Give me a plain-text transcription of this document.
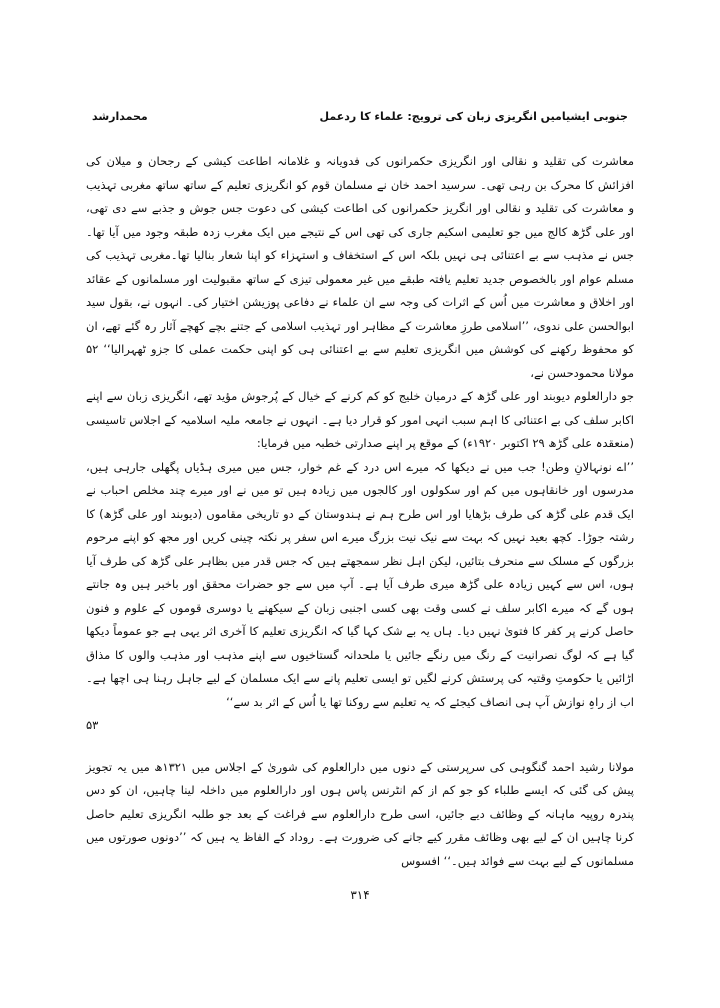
جنوبی ایشیامیں انگریزی زبان کی ترویج: علماء کا ردعمل
محمدارشد

معاشرت کی تقلید و نقالی اور انگریزی حکمرانوں کی فدویانہ و غلامانہ اطاعت کیشی کے رجحان و میلان کی افزائش کا محرک بن رہی تھی۔ سرسید احمد خان نے مسلمان قوم کو انگریزی تعلیم کے ساتھ ساتھ مغربی تہذیب و معاشرت کی تقلید و نقالی اور انگریز حکمرانوں کی اطاعت کیشی کی دعوت جس جوش و جذبے سے دی تھی، اور علی گڑھ کالج میں جو تعلیمی اسکیم جاری کی تھی اس کے نتیجے میں ایک مغرب زدہ طبقہ وجود میں آیا تھا۔ جس نے مذہب سے بے اعتنائی ہی نہیں بلکہ اس کے استخفاف و استہزاء کو اپنا شعار بنالیا تھا۔مغربی تہذیب کی مسلم عوام اور بالخصوص جدید تعلیم یافتہ طبقے میں غیر معمولی تیزی کے ساتھ مقبولیت اور مسلمانوں کے عقائد اور اخلاق و معاشرت میں اُس کے اثرات کی وجہ سے ان علماء نے دفاعی پوزیشن اختیار کی۔ انہوں نے، بقول سید ابوالحسن علی ندوی، ’’اسلامی طرزِ معاشرت کے مظاہر اور تہذیب اسلامی کے جتنے بچے کھچے آثار رہ گئے تھے، ان کو محفوظ رکھنے کی کوشش میں انگریزی تعلیم سے بے اعتنائی ہی کو اپنی حکمت عملی کا جزو ٹھہرالیا‘‘ ۵۲ مولانا محمودحسن نے،

جو دارالعلوم دیوبند اور علی گڑھ کے درمیان خلیج کو کم کرنے کے خیال کے پُرجوش مؤید تھے، انگریزی زبان سے اپنے اکابر سلف کی بے اعتنائی کا اہم سبب انہی امور کو قرار دیا ہے۔ انہوں نے جامعہ ملیہ اسلامیہ کے اجلاس تاسیسی (منعقدہ علی گڑھ ۲۹ اکتوبر ۱۹۲۰ء) کے موقع پر اپنے صدارتی خطبہ میں فرمایا:

’’اے نونہالانِ وطن! جب میں نے دیکھا کہ میرے اس درد کے غم خوار، جس میں میری ہڈیاں پگھلی جارہی ہیں، مدرسوں اور خانقاہوں میں کم اور سکولوں اور کالجوں میں زیادہ ہیں تو میں نے اور میرے چند مخلص احباب نے ایک قدم علی گڑھ کی طرف بڑھایا اور اس طرح ہم نے ہندوستان کے دو تاریخی مقاموں (دیوبند اور علی گڑھ) کا رشتہ جوڑا۔ کچھ بعید نہیں کہ بہت سے نیک نیت بزرگ میرے اس سفر پر نکتہ چینی کریں اور مجھ کو اپنے مرحوم بزرگوں کے مسلک سے منحرف بتائیں، لیکن اہل نظر سمجھتے ہیں کہ جس قدر میں بظاہر علی گڑھ کی طرف آیا ہوں، اس سے کہیں زیادہ علی گڑھ میری طرف آیا ہے۔ آپ میں سے جو حضرات محقق اور باخبر ہیں وہ جانتے ہوں گے کہ میرے اکابر سلف نے کسی وقت بھی کسی اجنبی زبان کے سیکھنے یا دوسری قوموں کے علوم و فنون حاصل کرنے پر کفر کا فتویٰ نہیں دیا۔ ہاں یہ بے شک کہا گیا کہ انگریزی تعلیم کا آخری اثر یہی ہے جو عموماً دیکھا گیا ہے کہ لوگ نصرانیت کے رنگ میں رنگے جائیں یا ملحدانہ گستاخیوں سے اپنے مذہب اور مذہب والوں کا مذاق اڑائیں یا حکومتِ وقتیہ کی پرستش کرنے لگیں تو ایسی تعلیم پانے سے ایک مسلمان کے لیے جاہل رہنا ہی اچھا ہے۔ اب از راہِ نوازش آپ ہی انصاف کیجئے کہ یہ تعلیم سے روکنا تھا یا اُس کے اثر بد سے‘‘

۵۳

مولانا رشید احمد گنگوہی کی سرپرستی کے دنوں میں دارالعلوم کی شوریٰ کے اجلاس میں ۱۳۲۱ھ میں یہ تجویز پیش کی گئی کہ ایسے طلباء کو جو کم از کم انٹرنس پاس ہوں اور دارالعلوم میں داخلہ لینا چاہیں، ان کو دس پندرہ روپیہ ماہانہ کے وظائف دیے جائیں، اسی طرح دارالعلوم سے فراغت کے بعد جو طلبہ انگریزی تعلیم حاصل کرنا چاہیں ان کے لیے بھی وظائف مقرر کیے جانے کی ضرورت ہے۔ روداد کے الفاظ یہ ہیں کہ ’’دونوں صورتوں میں مسلمانوں کے لیے بہت سے فوائد ہیں۔‘‘ افسوس

۳۱۴
